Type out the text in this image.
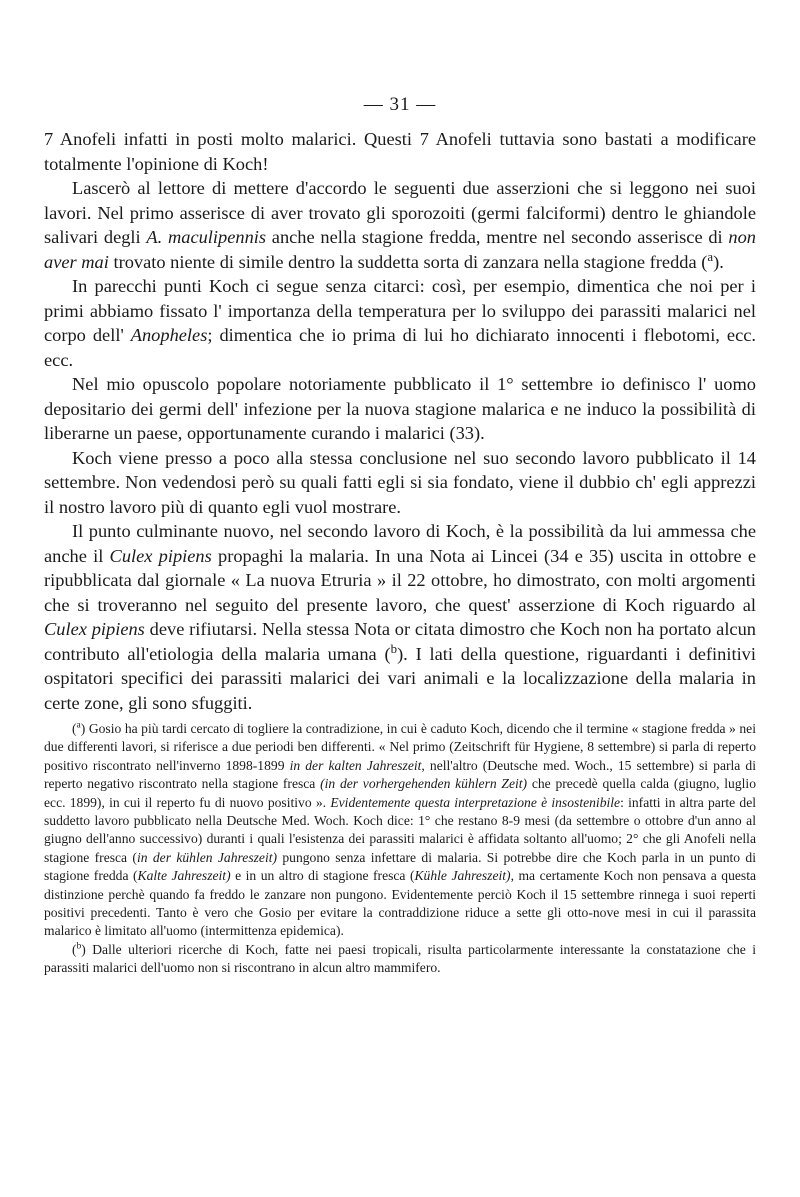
— 31 —

7 Anofeli infatti in posti molto malarici. Questi 7 Anofeli tuttavia sono bastati a modificare totalmente l'opinione di Koch!

Lascerò al lettore di mettere d'accordo le seguenti due asserzioni che si leggono nei suoi lavori. Nel primo asserisce di aver trovato gli sporozoiti (germi falciformi) dentro le ghiandole salivari degli A. maculipennis anche nella stagione fredda, mentre nel secondo asserisce di non aver mai trovato niente di simile dentro la suddetta sorta di zanzara nella stagione fredda ($^a$).

In parecchi punti Koch ci segue senza citarci: così, per esempio, dimentica che noi per i primi abbiamo fissato l' importanza della temperatura per lo sviluppo dei parassiti malarici nel corpo dell' Anopheles; dimentica che io prima di lui ho dichiarato innocenti i flebotomi, ecc. ecc.

Nel mio opuscolo popolare notoriamente pubblicato il 1° settembre io definisco l' uomo depositario dei germi dell' infezione per la nuova stagione malarica e ne induco la possibilità di liberarne un paese, opportunamente curando i malarici (33).

Koch viene presso a poco alla stessa conclusione nel suo secondo lavoro pubblicato il 14 settembre. Non vedendosi però su quali fatti egli si sia fondato, viene il dubbio ch' egli apprezzi il nostro lavoro più di quanto egli vuol mostrare.

Il punto culminante nuovo, nel secondo lavoro di Koch, è la possibilità da lui ammessa che anche il Culex pipiens propaghi la malaria. In una Nota ai Lincei (34 e 35) uscita in ottobre e ripubblicata dal giornale « La nuova Etruria » il 22 ottobre, ho dimostrato, con molti argomenti che si troveranno nel seguito del presente lavoro, che quest' asserzione di Koch riguardo al Culex pipiens deve rifiutarsi. Nella stessa Nota or citata dimostro che Koch non ha portato alcun contributo all'etiologia della malaria umana ($^b$). I lati della questione, riguardanti i definitivi ospitatori specifici dei parassiti malarici dei vari animali e la localizzazione della malaria in certe zone, gli sono sfuggiti.

($^a$) Gosio ha più tardi cercato di togliere la contradizione, in cui è caduto Koch, dicendo che il termine « stagione fredda » nei due differenti lavori, si riferisce a due periodi ben differenti. « Nel primo (Zeitschrift für Hygiene, 8 settembre) si parla di reperto positivo riscontrato nell'inverno 1898-1899 in der kalten Jahreszeit, nell'altro (Deutsche med. Woch., 15 settembre) si parla di reperto negativo riscontrato nella stagione fresca (in der vorhergehenden kühlern Zeit) che precedè quella calda (giugno, luglio ecc. 1899), in cui il reperto fu di nuovo positivo ». Evidentemente questa interpretazione è insostenibile: infatti in altra parte del suddetto lavoro pubblicato nella Deutsche Med. Woch. Koch dice: 1° che restano 8-9 mesi (da settembre o ottobre d'un anno al giugno dell'anno successivo) duranti i quali l'esistenza dei parassiti malarici è affidata soltanto all'uomo; 2° che gli Anofeli nella stagione fresca (in der kühlen Jahreszeit) pungono senza infettare di malaria. Si potrebbe dire che Koch parla in un punto di stagione fredda (Kalte Jahreszeit) e in un altro di stagione fresca (Kühle Jahreszeit), ma certamente Koch non pensava a questa distinzione perchè quando fa freddo le zanzare non pungono. Evidentemente perciò Koch il 15 settembre rinnega i suoi reperti positivi precedenti. Tanto è vero che Gosio per evitare la contraddizione riduce a sette gli otto-nove mesi in cui il parassita malarico è limitato all'uomo (intermittenza epidemica).

($^b$) Dalle ulteriori ricerche di Koch, fatte nei paesi tropicali, risulta particolarmente interessante la constatazione che i parassiti malarici dell'uomo non si riscontrano in alcun altro mammifero.
